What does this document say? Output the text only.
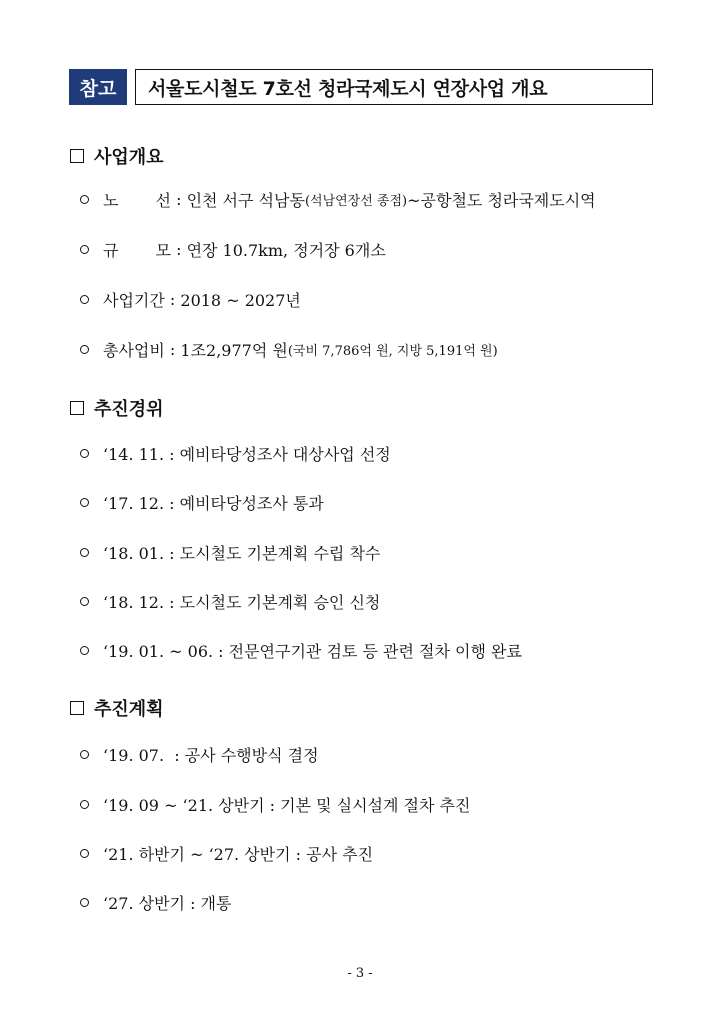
참고	서울도시철도 7호선 청라국제도시 연장사업 개요
사업개요
노 선 : 인천 서구 석남동 (석남연장선 종점) ~공항철도 청라국제도시역
규 모 : 연장 10.7km, 정거장 6개소
사업기간 : 2018 ~ 2027년
총사업비 : 1조2,977억 원 (국비 7,786억 원, 지방 5,191억 원)
추진경위
‘14. 11. : 예비타당성조사 대상사업 선정
‘17. 12. : 예비타당성조사 통과
‘18. 01. : 도시철도 기본계획 수립 착수
‘18. 12. : 도시철도 기본계획 승인 신청
‘19. 01. ~ 06. : 전문연구기관 검토 등 관련 절차 이행 완료
추진계획
‘19. 07.  : 공사 수행방식 결정
‘19. 09 ~ ‘21. 상반기 : 기본 및 실시설계 절차 추진
‘21. 하반기 ~ ‘27. 상반기 : 공사 추진
‘27. 상반기 : 개통
- 3 -
